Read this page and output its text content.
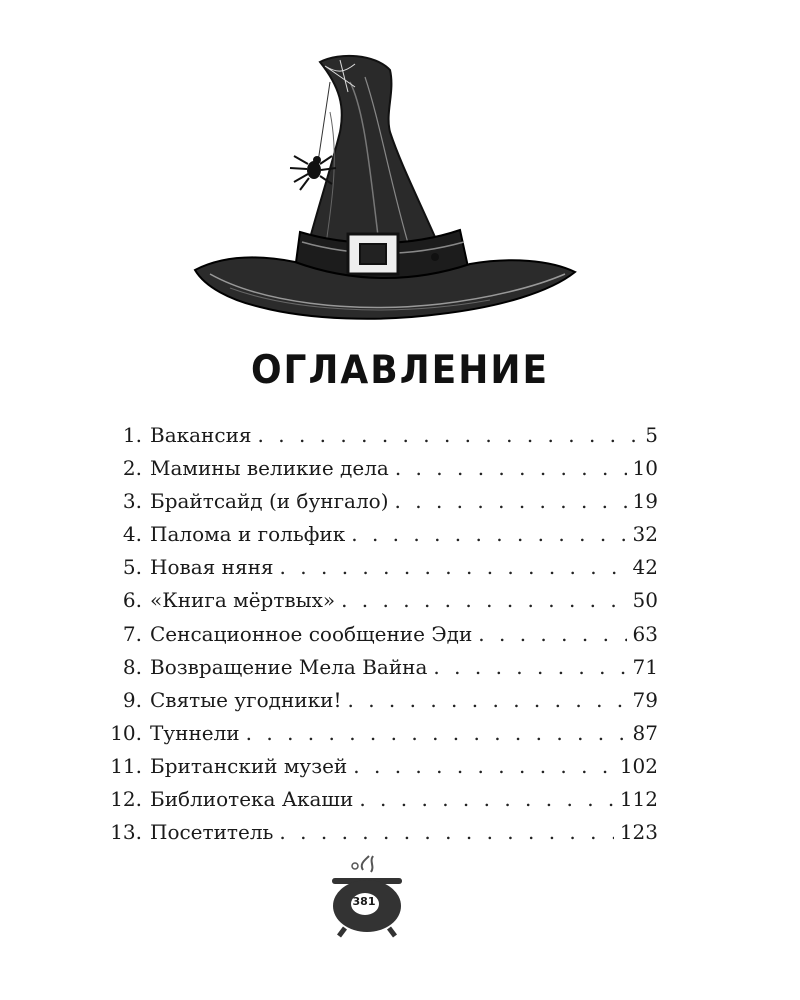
ОГЛАВЛЕНИЕ
1. Вакансия . . .	5
2. Мамины великие дела . . .	10
3. Брайтсайд (и бунгало) . . .	19
4. Палома и гольфик . . .	32
5. Новая няня . . .	42
6. «Книга мёртвых» . . .	50
7. Сенсационное сообщение Эди . . .	63
8. Возвращение Мела Вайна . . .	71
9. Святые угодники! . . .	79
10. Туннели . . .	87
11. Британский музей . . .	102
12. Библиотека Акаши . . .	112
13. Посетитель . . .	123
381
